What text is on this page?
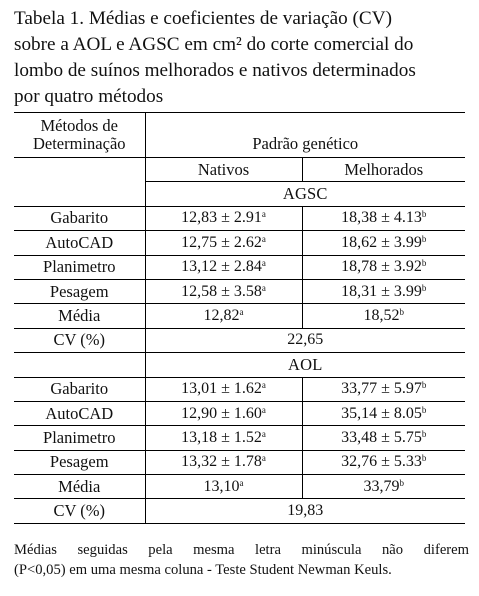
Tabela 1. Médias e coeficientes de variação (CV)
sobre a AOL e AGSC em cm² do corte comercial do
lombo de suínos melhorados e nativos determinados
por quatro métodos
Métodos de		
Determinação	Padrão genético	
	Nativos	Melhorados
	AGSC	
Gabarito	12,83 ± 2.91$^a$	18,38 ± 4.13$^b$
AutoCAD	12,75 ± 2.62$^a$	18,62 ± 3.99$^b$
Planimetro	13,12 ± 2.84$^a$	18,78 ± 3.92$^b$
Pesagem	12,58 ± 3.58$^a$	18,31 ± 3.99$^b$
Média	12,82$^a$	18,52$^b$
CV (%)	22,65	
	AOL	
Gabarito	13,01 ± 1.62$^a$	33,77 ± 5.97$^b$
AutoCAD	12,90 ± 1.60$^a$	35,14 ± 8.05$^b$
Planimetro	13,18 ± 1.52$^a$	33,48 ± 5.75$^b$
Pesagem	13,32 ± 1.78$^a$	32,76 ± 5.33$^b$
Média	13,10$^a$	33,79$^b$
CV (%)	19,83	
Médias seguidas pela mesma letra minúscula não diferem
(P<0,05) em uma mesma coluna - Teste Student Newman Keuls.
